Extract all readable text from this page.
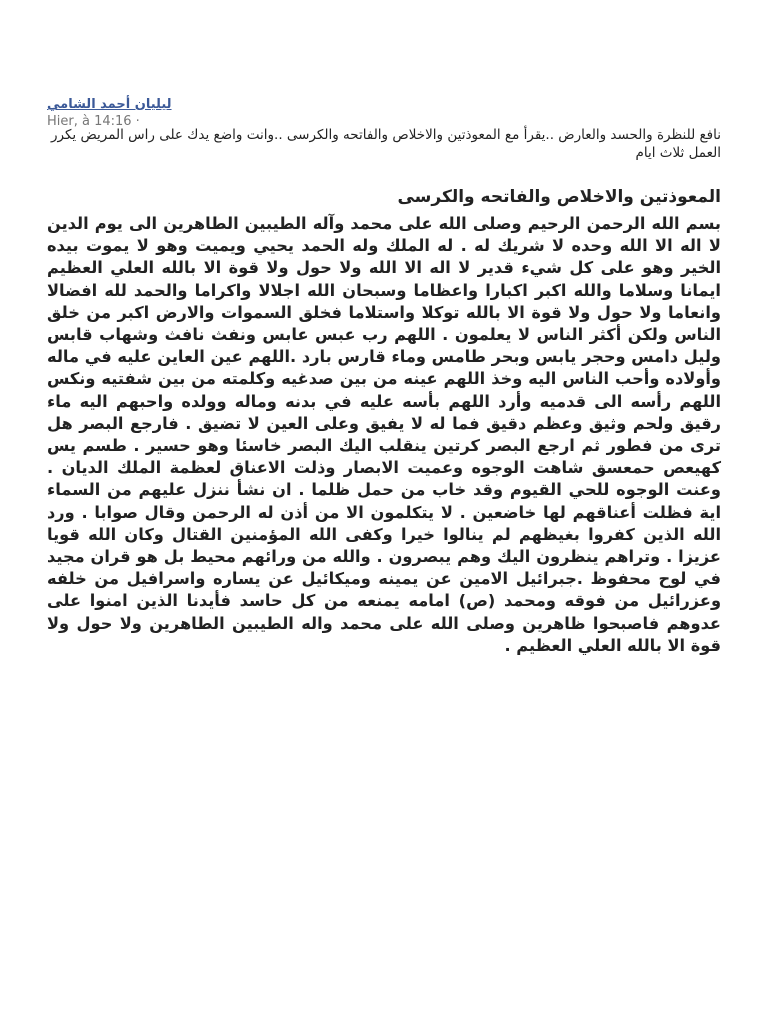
ليليان أحمد الشامي
Hier, à 14:16 ·
نافع للنظرة والحسد والعارض ..يقرأ مع المعوذتين والاخلاص والفاتحه والكرسى ..وانت واضع يدك على راس المريض يكرر العمل ثلاث ايام
المعوذتين والاخلاص والفاتحه والكرسى

بسم الله الرحمن الرحيم وصلى الله على محمد وآله الطيبين الطاهرين الى يوم الدين لا اله الا الله وحده لا شريك له . له الملك وله الحمد يحيي ويميت وهو لا يموت بيده الخير وهو على كل شيء قدير لا اله الا الله ولا حول ولا قوة الا بالله العلي العظيم ايمانا وسلاما والله اكبر اكبارا واعظاما وسبحان الله اجلالا واكراما والحمد لله افضالا وانعاما ولا حول ولا قوة الا بالله توكلا واستلاما فخلق السموات والارض اكبر من خلق الناس ولكن أكثر الناس لا يعلمون . اللهم رب عبس عابس ونفث نافث وشهاب قابس وليل دامس وحجر يابس وبحر طامس وماء قارس بارد .اللهم عين العاين عليه في ماله وأولاده وأحب الناس اليه وخذ اللهم عينه من بين صدغيه وكلمته من بين شفتيه ونكس اللهم رأسه الى قدميه وأرد اللهم بأسه عليه في بدنه وماله وولده واحبهم اليه ماء رقيق ولحم وثيق وعظم دقيق فما له لا يفيق وعلى العين لا تضيق . فارجع البصر هل ترى من فطور ثم ارجع البصر كرتين ينقلب اليك البصر خاسئا وهو حسير . طسم يس كهيعص حمعسق شاهت الوجوه وعميت الابصار وذلت الاعناق لعظمة الملك الديان . وعنت الوجوه للحي القيوم وقد خاب من حمل ظلما . ان نشأ ننزل عليهم من السماء اية فظلت أعناقهم لها خاضعين . لا يتكلمون الا من أذن له الرحمن وقال صوابا . ورد الله الذين كفروا بغيظهم لم ينالوا خيرا وكفى الله المؤمنين القتال وكان الله قويا عزيزا . وتراهم ينظرون اليك وهم يبصرون . والله من ورائهم محيط بل هو قران مجيد في لوح محفوظ .جبرائيل الامين عن يمينه وميكائيل عن يساره واسرافيل من خلفه وعزرائيل من فوقه ومحمد (ص) امامه يمنعه من كل حاسد فأيدنا الذين امنوا على عدوهم فاصبحوا ظاهرين وصلى الله على محمد واله الطيبين الطاهرين ولا حول ولا قوة الا بالله العلي العظيم .
